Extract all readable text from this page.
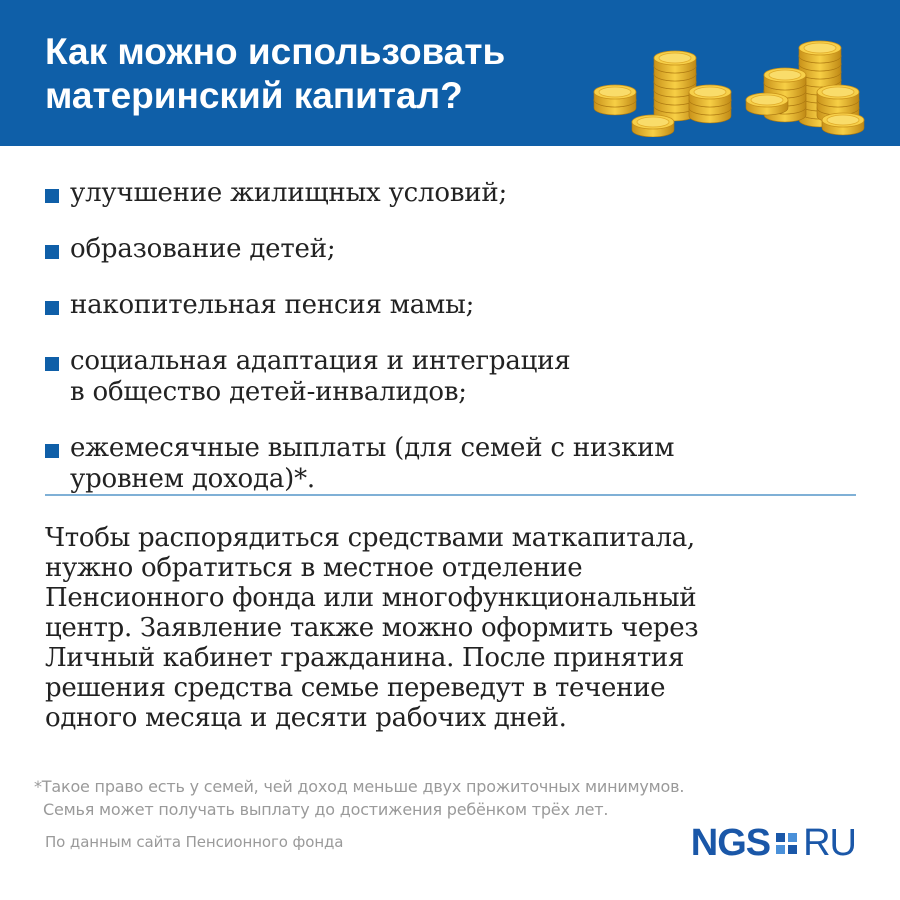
Как можно использовать
материнский капитал?
улучшение жилищных условий;
образование детей;
накопительная пенсия мамы;
социальная адаптация и интеграция
в общество детей-инвалидов;
ежемесячные выплаты (для семей с низким
уровнем дохода)*.

Чтобы распорядиться средствами маткапитала,
нужно обратиться в местное отделение
Пенсионного фонда или многофункциональный
центр. Заявление также можно оформить через
Личный кабинет гражданина. После принятия
решения средства семье переведут в течение
одного месяца и десяти рабочих дней.

*Такое право есть у семей, чей доход меньше двух прожиточных минимумов.
Семья может получать выплату до достижения ребёнком трёх лет.

По данным сайта Пенсионного фонда	NGS RU
